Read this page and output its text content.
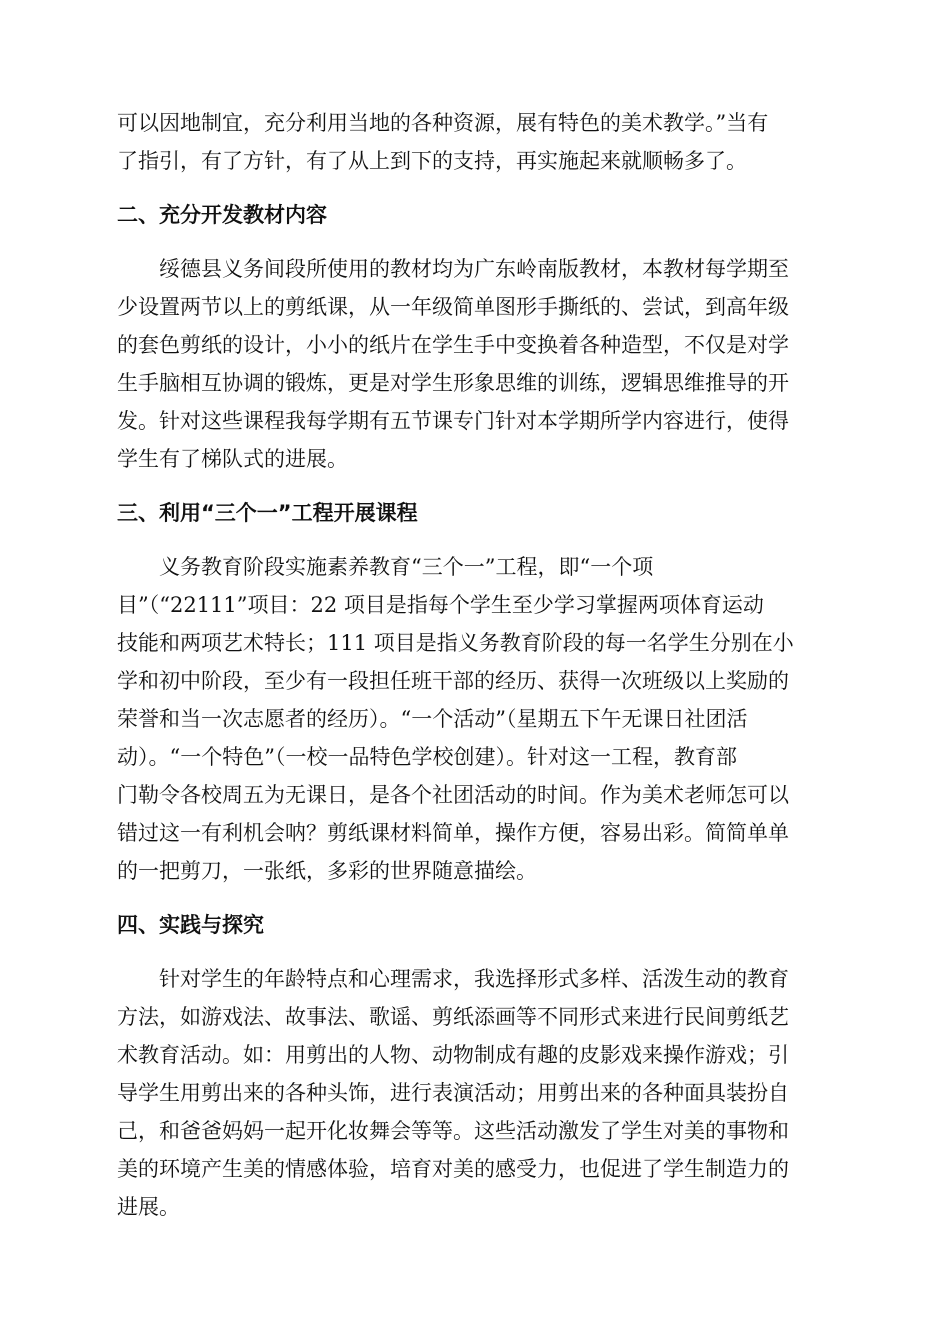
可以因地制宜，充分利用当地的各种资源，展有特色的美术教学。”当有
了指引，有了方针，有了从上到下的支持，再实施起来就顺畅多了。
二、充分开发教材内容
绥德县义务间段所使用的教材均为广东岭南版教材，本教材每学期至
少设置两节以上的剪纸课，从一年级简单图形手撕纸的、尝试，到高年级
的套色剪纸的设计，小小的纸片在学生手中变换着各种造型，不仅是对学
生手脑相互协调的锻炼，更是对学生形象思维的训练，逻辑思维推导的开
发。针对这些课程我每学期有五节课专门针对本学期所学内容进行，使得
学生有了梯队式的进展。
三、利用“三个一”工程开展课程
义务教育阶段实施素养教育“三个一”工程，即“一个项
目”（“22111”项目：22 项目是指每个学生至少学习掌握两项体育运动
技能和两项艺术特长；111 项目是指义务教育阶段的每一名学生分别在小
学和初中阶段，至少有一段担任班干部的经历、获得一次班级以上奖励的
荣誉和当一次志愿者的经历）。“一个活动”（星期五下午无课日社团活
动）。“一个特色”（一校一品特色学校创建）。针对这一工程，教育部
门勒令各校周五为无课日，是各个社团活动的时间。作为美术老师怎可以
错过这一有利机会呐？剪纸课材料简单，操作方便，容易出彩。简简单单
的一把剪刀，一张纸，多彩的世界随意描绘。
四、实践与探究
针对学生的年龄特点和心理需求，我选择形式多样、活泼生动的教育
方法，如游戏法、故事法、歌谣、剪纸添画等不同形式来进行民间剪纸艺
术教育活动。如：用剪出的人物、动物制成有趣的皮影戏来操作游戏；引
导学生用剪出来的各种头饰，进行表演活动；用剪出来的各种面具装扮自
己，和爸爸妈妈一起开化妆舞会等等。这些活动激发了学生对美的事物和
美的环境产生美的情感体验，培育对美的感受力，也促进了学生制造力的
进展。
